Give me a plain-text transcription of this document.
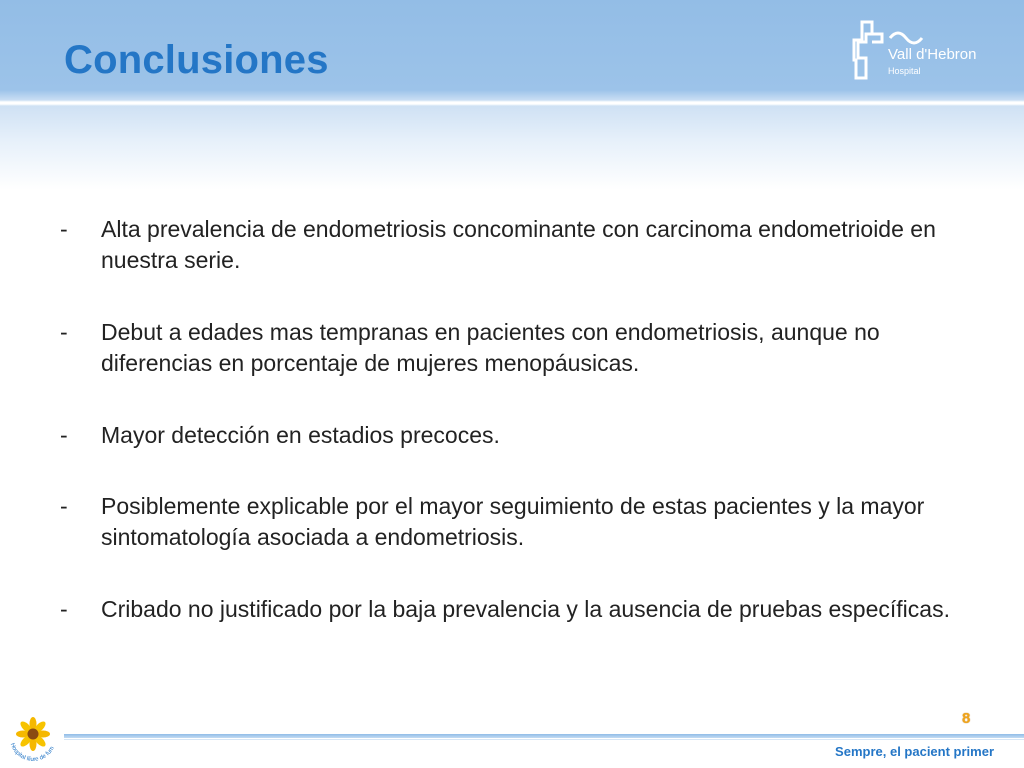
Conclusiones	Vall d'Hebron
Hospital
- Alta prevalencia de endometriosis concominante con carcinoma endometrioide en nuestra serie.
- Debut a edades mas tempranas en pacientes con endometriosis, aunque no diferencias en porcentaje de mujeres menopáusicas.
- Mayor detección en estadios precoces.
- Posiblemente explicable por el mayor seguimiento de estas pacientes y la mayor sintomatología asociada a endometriosis.
- Cribado no justificado por la baja prevalencia y la ausencia de pruebas específicas.
Hospital lliure de fum
8
Sempre, el pacient primer
